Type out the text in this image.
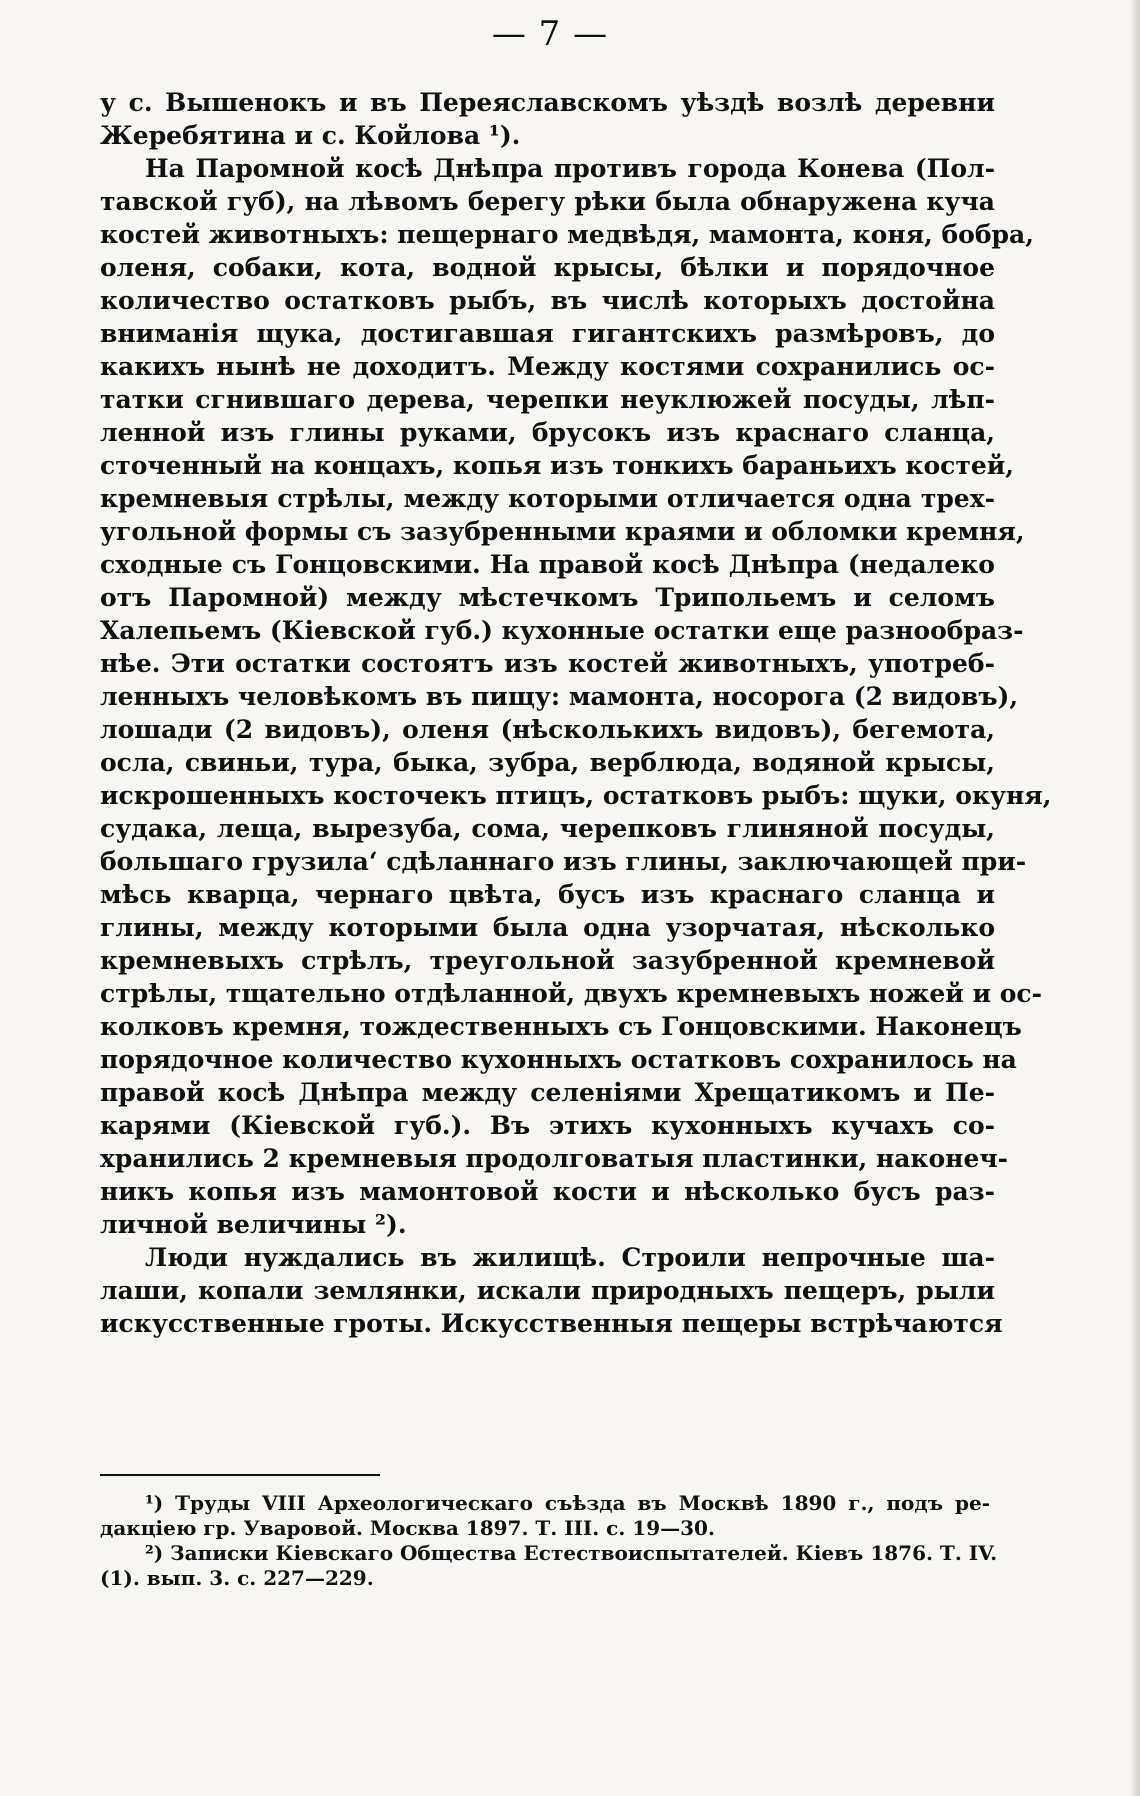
— 7 —
у с. Вышенокъ и въ Переяславскомъ уѣздѣ возлѣ деревни
Жеребятина и с. Койлова ¹).
На Паромной косѣ Днѣпра противъ города Конева (Пол-
тавской губ), на лѣвомъ берегу рѣки была обнаружена куча
костей животныхъ: пещернаго медвѣдя, мамонта, коня, бобра,
оленя, собаки, кота, водной крысы, бѣлки и порядочное
количество остатковъ рыбъ, въ числѣ которыхъ достойна
вниманія щука, достигавшая гигантскихъ размѣровъ, до
какихъ нынѣ не доходитъ. Между костями сохранились ос-
татки сгнившаго дерева, черепки неуклюжей посуды, лѣп-
ленной изъ глины руками, брусокъ изъ краснаго сланца,
сточенный на концахъ, копья изъ тонкихъ бараньихъ костей,
кремневыя стрѣлы, между которыми отличается одна трех-
угольной формы съ зазубренными краями и обломки кремня,
сходные съ Гонцовскими. На правой косѣ Днѣпра (недалеко
отъ Паромной) между мѣстечкомъ Трипольемъ и селомъ
Халепьемъ (Кіевской губ.) кухонные остатки еще разнообраз-
нѣе. Эти остатки состоятъ изъ костей животныхъ, употреб-
ленныхъ человѣкомъ въ пищу: мамонта, носорога (2 видовъ),
лошади (2 видовъ), оленя (нѣсколькихъ видовъ), бегемота,
осла, свиньи, тура, быка, зубра, верблюда, водяной крысы,
искрошенныхъ косточекъ птицъ, остатковъ рыбъ: щуки, окуня,
судака, леща, вырезуба, сома, черепковъ глиняной посуды,
большаго грузила‘ сдѣланнаго изъ глины, заключающей при-
мѣсь кварца, чернаго цвѣта, бусъ изъ краснаго сланца и
глины, между которыми была одна узорчатая, нѣсколько
кремневыхъ стрѣлъ, треугольной зазубренной кремневой
стрѣлы, тщательно отдѣланной, двухъ кремневыхъ ножей и ос-
колковъ кремня, тождественныхъ съ Гонцовскими. Наконецъ
порядочное количество кухонныхъ остатковъ сохранилось на
правой косѣ Днѣпра между селеніями Хрещатикомъ и Пе-
карями (Кіевской губ.). Въ этихъ кухонныхъ кучахъ со-
хранились 2 кремневыя продолговатыя пластинки, наконеч-
никъ копья изъ мамонтовой кости и нѣсколько бусъ раз-
личной величины ²).
Люди нуждались въ жилищѣ. Строили непрочные ша-
лаши, копали землянки, искали природныхъ пещеръ, рыли
искусственные гроты. Искусственныя пещеры встрѣчаются
¹) Труды VIII Археологическаго съѣзда въ Москвѣ 1890 г., подъ ре-
дакціею гр. Уваровой. Москва 1897. Т. III. с. 19—30.
²) Записки Кіевскаго Общества Естествоиспытателей. Кіевъ 1876. Т. IV.
(1). вып. 3. с. 227—229.
